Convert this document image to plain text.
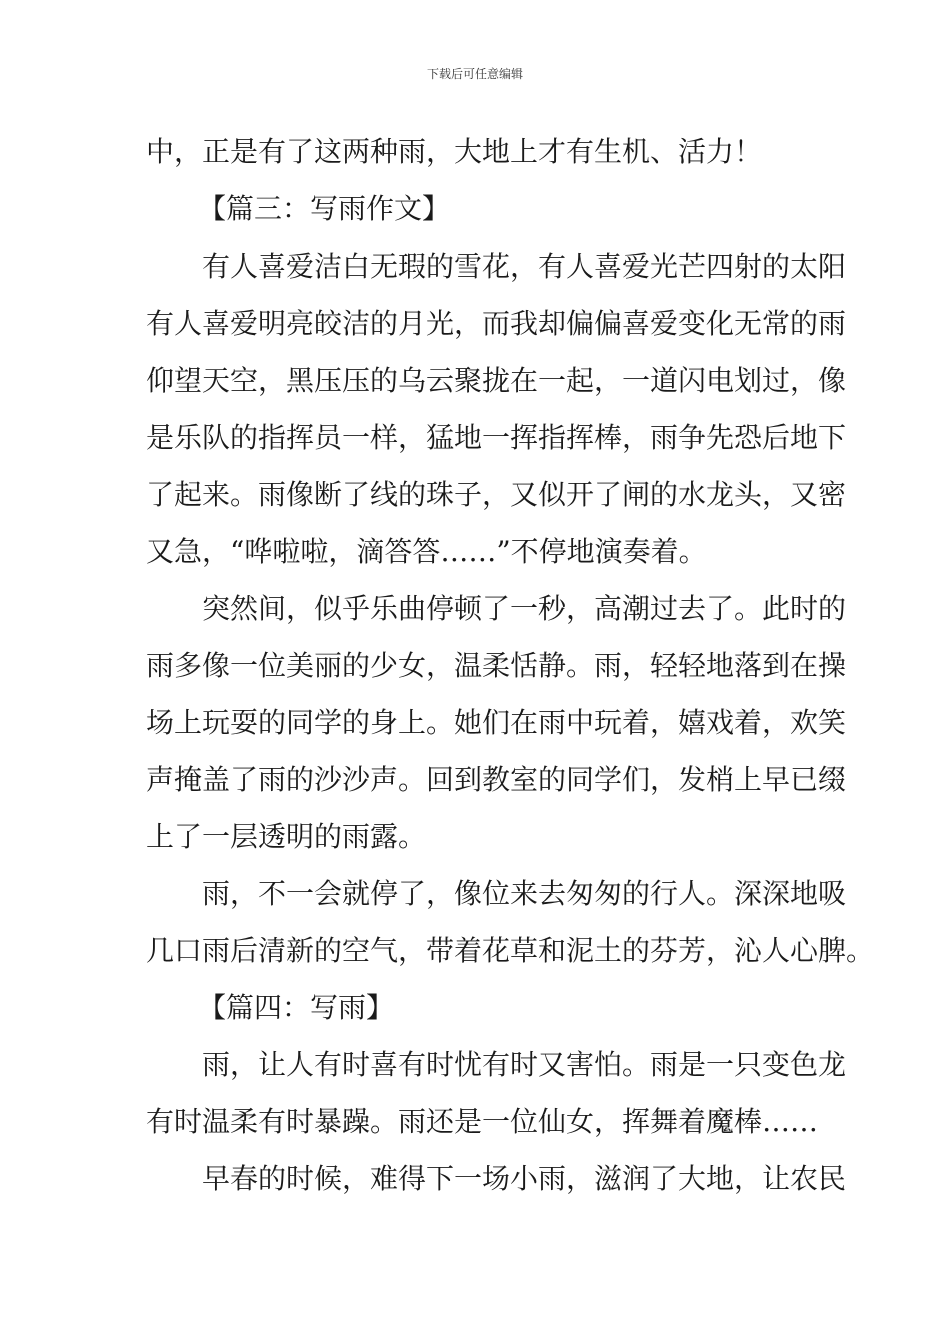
下载后可任意编辑
中，正是有了这两种雨，大地上才有生机、活力！
【篇三：写雨作文】
有人喜爱洁白无瑕的雪花，有人喜爱光芒四射的太阳
有人喜爱明亮皎洁的月光，而我却偏偏喜爱变化无常的雨
仰望天空，黑压压的乌云聚拢在一起，一道闪电划过，像
是乐队的指挥员一样，猛地一挥指挥棒，雨争先恐后地下
了起来。雨像断了线的珠子，又似开了闸的水龙头，又密
又急，“哗啦啦，滴答答……”不停地演奏着。
突然间，似乎乐曲停顿了一秒，高潮过去了。此时的
雨多像一位美丽的少女，温柔恬静。雨，轻轻地落到在操
场上玩耍的同学的身上。她们在雨中玩着，嬉戏着，欢笑
声掩盖了雨的沙沙声。回到教室的同学们，发梢上早已缀
上了一层透明的雨露。
雨，不一会就停了，像位来去匆匆的行人。深深地吸
几口雨后清新的空气，带着花草和泥土的芬芳，沁人心脾。
【篇四：写雨】
雨，让人有时喜有时忧有时又害怕。雨是一只变色龙
有时温柔有时暴躁。雨还是一位仙女，挥舞着魔棒……
早春的时候，难得下一场小雨，滋润了大地，让农民
